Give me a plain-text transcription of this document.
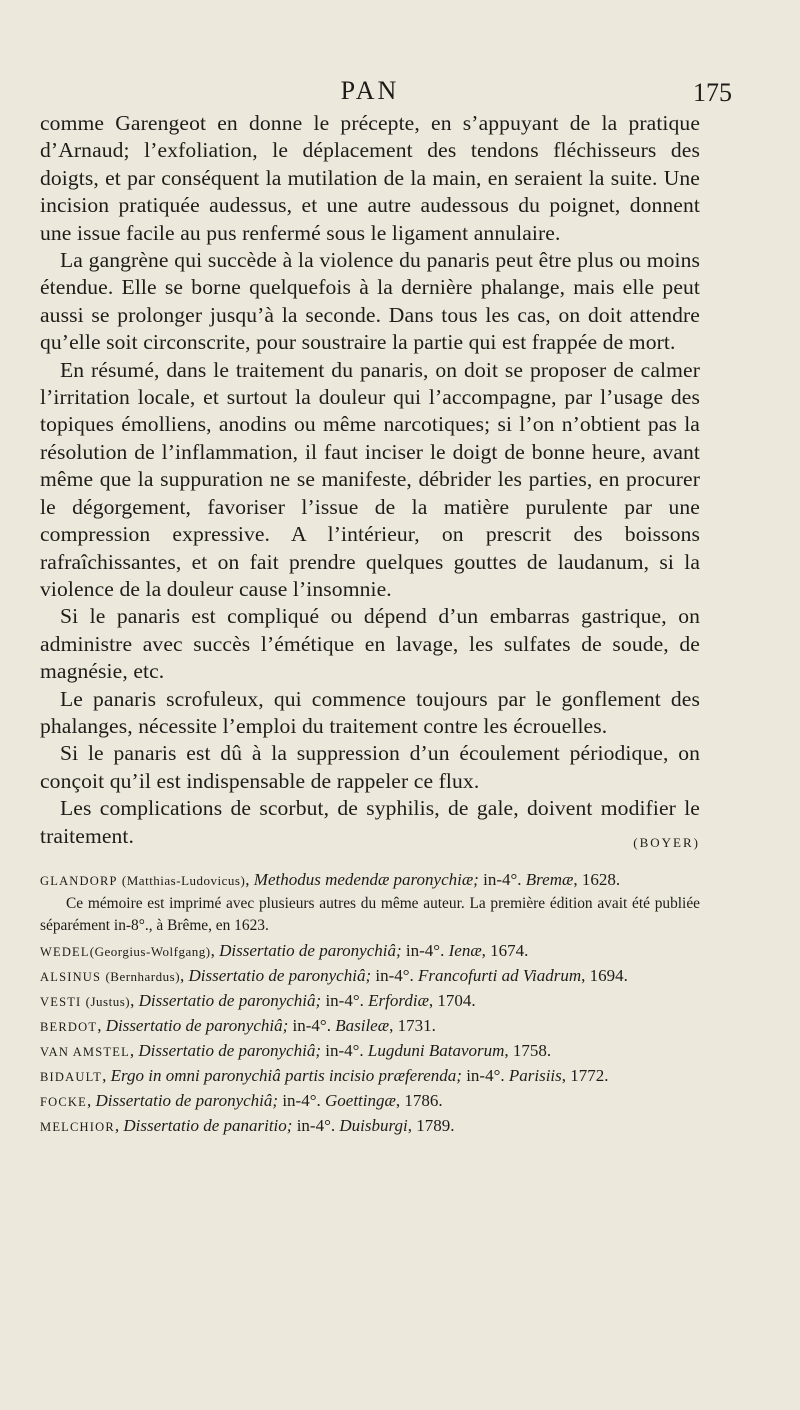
PAN	175

comme Garengeot en donne le précepte, en s’appuyant de la pratique d’Arnaud; l’exfoliation, le déplacement des tendons fléchisseurs des doigts, et par conséquent la mutilation de la main, en seraient la suite. Une incision pratiquée audessus, et une autre audessous du poignet, donnent une issue facile au pus renfermé sous le ligament annulaire.

La gangrène qui succède à la violence du panaris peut être plus ou moins étendue. Elle se borne quelquefois à la dernière phalange, mais elle peut aussi se prolonger jusqu’à la seconde. Dans tous les cas, on doit attendre qu’elle soit circonscrite, pour soustraire la partie qui est frappée de mort.

En résumé, dans le traitement du panaris, on doit se proposer de calmer l’irritation locale, et surtout la douleur qui l’accompagne, par l’usage des topiques émolliens, anodins ou même narcotiques; si l’on n’obtient pas la résolution de l’inflammation, il faut inciser le doigt de bonne heure, avant même que la suppuration ne se manifeste, débrider les parties, en procurer le dégorgement, favoriser l’issue de la matière purulente par une compression expressive. A l’intérieur, on prescrit des boissons rafraîchissantes, et on fait prendre quelques gouttes de laudanum, si la violence de la douleur cause l’insomnie.

Si le panaris est compliqué ou dépend d’un embarras gastrique, on administre avec succès l’émétique en lavage, les sulfates de soude, de magnésie, etc.

Le panaris scrofuleux, qui commence toujours par le gonflement des phalanges, nécessite l’emploi du traitement contre les écrouelles.

Si le panaris est dû à la suppression d’un écoulement périodique, on conçoit qu’il est indispensable de rappeler ce flux.

Les complications de scorbut, de syphilis, de gale, doivent modifier le traitement.	(BOYER)

GLANDORP (Matthias-Ludovicus), Methodus medendæ paronychiæ; in-4°. Bremæ, 1628.
Ce mémoire est imprimé avec plusieurs autres du même auteur. La première édition avait été publiée séparément in-8°., à Brême, en 1623.
WEDEL(Georgius-Wolfgang), Dissertatio de paronychiâ; in-4°. Ienæ, 1674.
ALSINUS (Bernhardus), Dissertatio de paronychiâ; in-4°. Francofurti ad Viadrum, 1694.
VESTI (Justus), Dissertatio de paronychiâ; in-4°. Erfordiæ, 1704.
BERDOT, Dissertatio de paronychiâ; in-4°. Basileæ, 1731.
VAN AMSTEL, Dissertatio de paronychiâ; in-4°. Lugduni Batavorum, 1758.
BIDAULT, Ergo in omni paronychiâ partis incisio præferenda; in-4°. Parisiis, 1772.
FOCKE, Dissertatio de paronychiâ; in-4°. Goettingæ, 1786.
MELCHIOR, Dissertatio de panaritio; in-4°. Duisburgi, 1789.
